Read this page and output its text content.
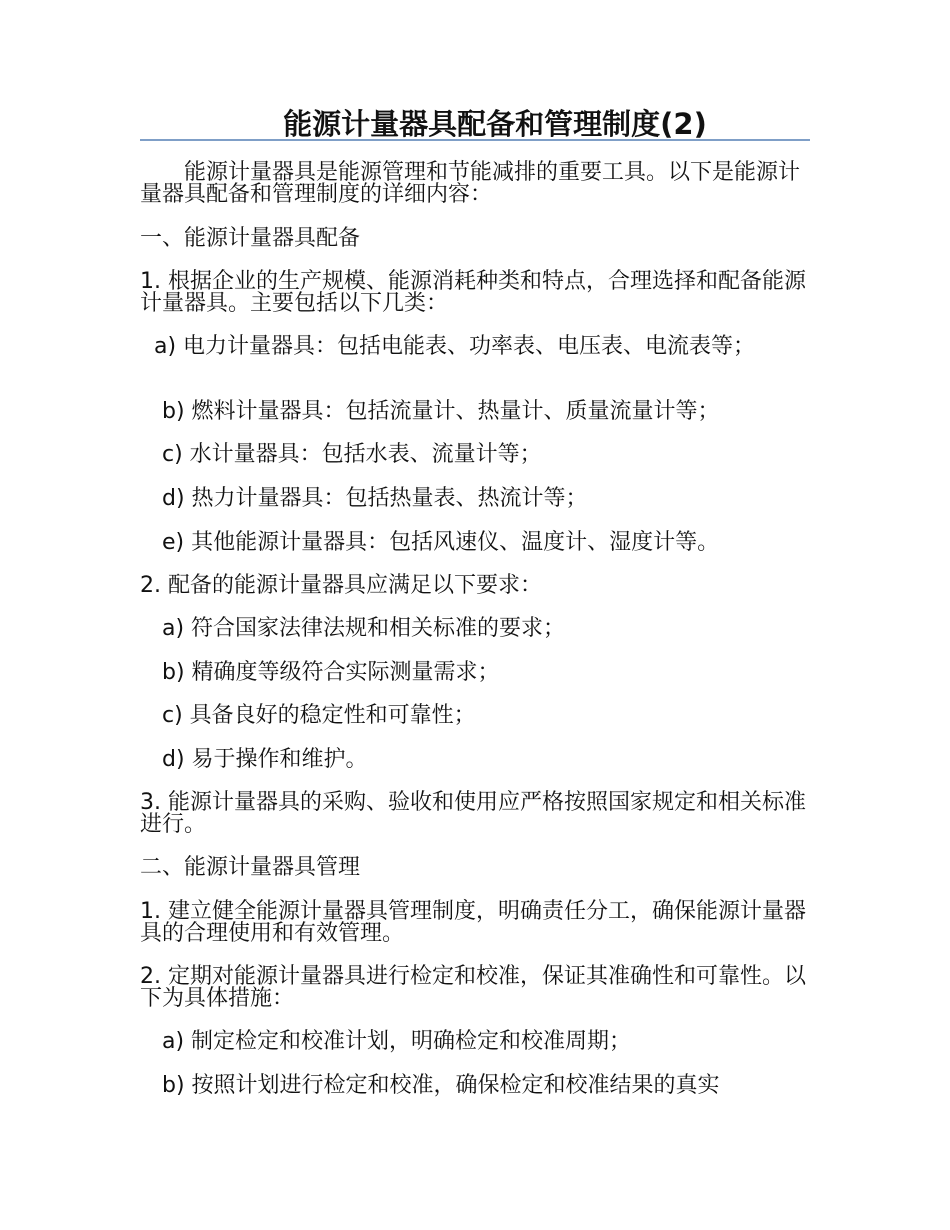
能源计量器具配备和管理制度(2)
　　能源计量器具是能源管理和节能减排的重要工具。以下是能源计量器具配备和管理制度的详细内容：
一、能源计量器具配备
1. 根据企业的生产规模、能源消耗种类和特点，合理选择和配备能源计量器具。主要包括以下几类：
a) 电力计量器具：包括电能表、功率表、电压表、电流表等；
b) 燃料计量器具：包括流量计、热量计、质量流量计等；
c) 水计量器具：包括水表、流量计等；
d) 热力计量器具：包括热量表、热流计等；
e) 其他能源计量器具：包括风速仪、温度计、湿度计等。
2. 配备的能源计量器具应满足以下要求：
a) 符合国家法律法规和相关标准的要求；
b) 精确度等级符合实际测量需求；
c) 具备良好的稳定性和可靠性；
d) 易于操作和维护。
3. 能源计量器具的采购、验收和使用应严格按照国家规定和相关标准进行。
二、能源计量器具管理
1. 建立健全能源计量器具管理制度，明确责任分工，确保能源计量器具的合理使用和有效管理。
2. 定期对能源计量器具进行检定和校准，保证其准确性和可靠性。以下为具体措施：
a) 制定检定和校准计划，明确检定和校准周期；
b) 按照计划进行检定和校准，确保检定和校准结果的真实
